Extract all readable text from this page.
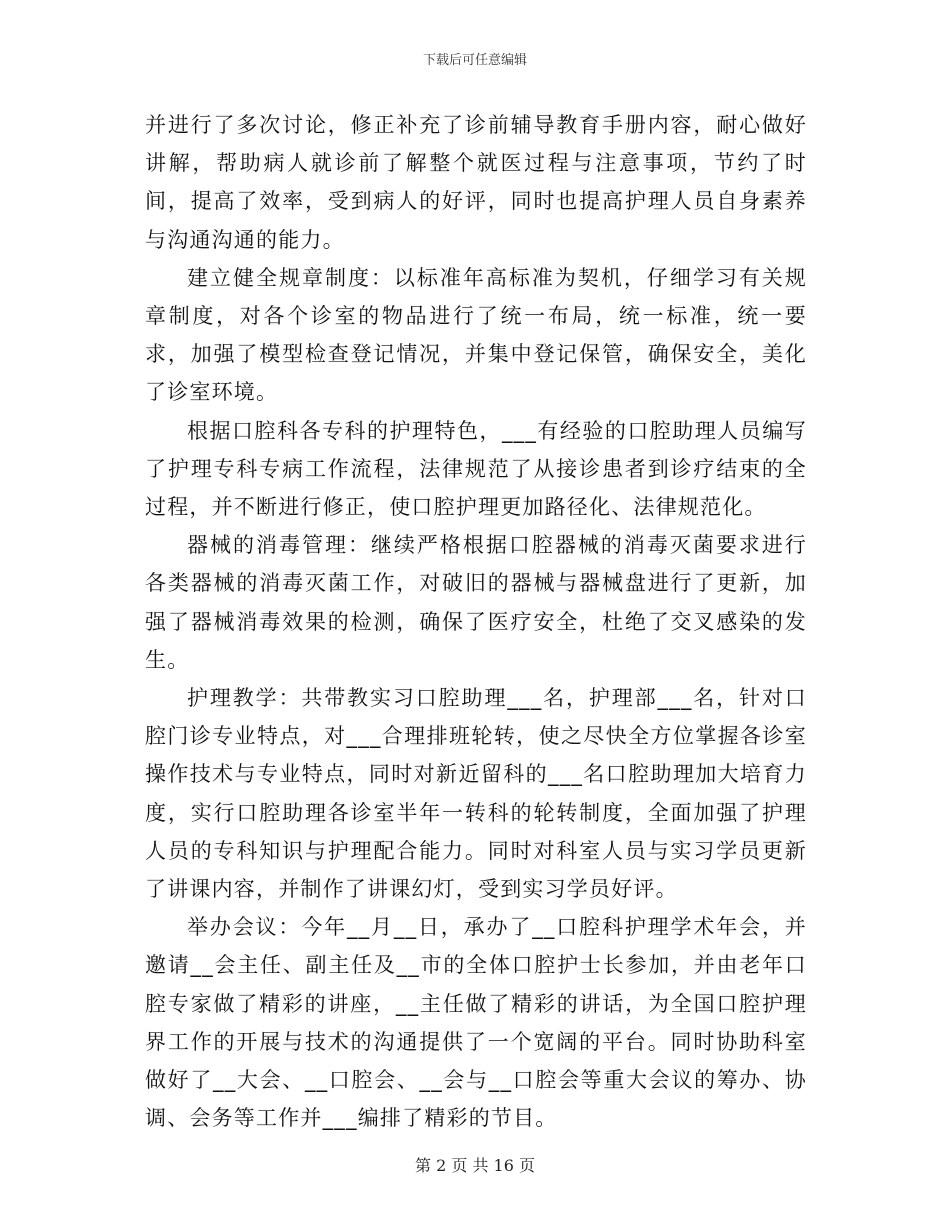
下载后可任意编辑

并进行了多次讨论，修正补充了诊前辅导教育手册内容，耐心做好讲解，帮助病人就诊前了解整个就医过程与注意事项，节约了时间，提高了效率，受到病人的好评，同时也提高护理人员自身素养与沟通沟通的能力。

建立健全规章制度：以标准年高标准为契机，仔细学习有关规章制度，对各个诊室的物品进行了统一布局，统一标准，统一要求，加强了模型检查登记情况，并集中登记保管，确保安全，美化了诊室环境。

根据口腔科各专科的护理特色，___有经验的口腔助理人员编写了护理专科专病工作流程，法律规范了从接诊患者到诊疗结束的全过程，并不断进行修正，使口腔护理更加路径化、法律规范化。

器械的消毒管理：继续严格根据口腔器械的消毒灭菌要求进行各类器械的消毒灭菌工作，对破旧的器械与器械盘进行了更新，加强了器械消毒效果的检测，确保了医疗安全，杜绝了交叉感染的发生。

护理教学：共带教实习口腔助理___名，护理部___名，针对口腔门诊专业特点，对___合理排班轮转，使之尽快全方位掌握各诊室操作技术与专业特点，同时对新近留科的___名口腔助理加大培育力度，实行口腔助理各诊室半年一转科的轮转制度，全面加强了护理人员的专科知识与护理配合能力。同时对科室人员与实习学员更新了讲课内容，并制作了讲课幻灯，受到实习学员好评。

举办会议：今年__月__日，承办了__口腔科护理学术年会，并邀请__会主任、副主任及__市的全体口腔护士长参加，并由老年口腔专家做了精彩的讲座，__主任做了精彩的讲话，为全国口腔护理界工作的开展与技术的沟通提供了一个宽阔的平台。同时协助科室做好了__大会、__口腔会、__会与__口腔会等重大会议的筹办、协调、会务等工作并___编排了精彩的节目。

第 2 页 共 16 页
